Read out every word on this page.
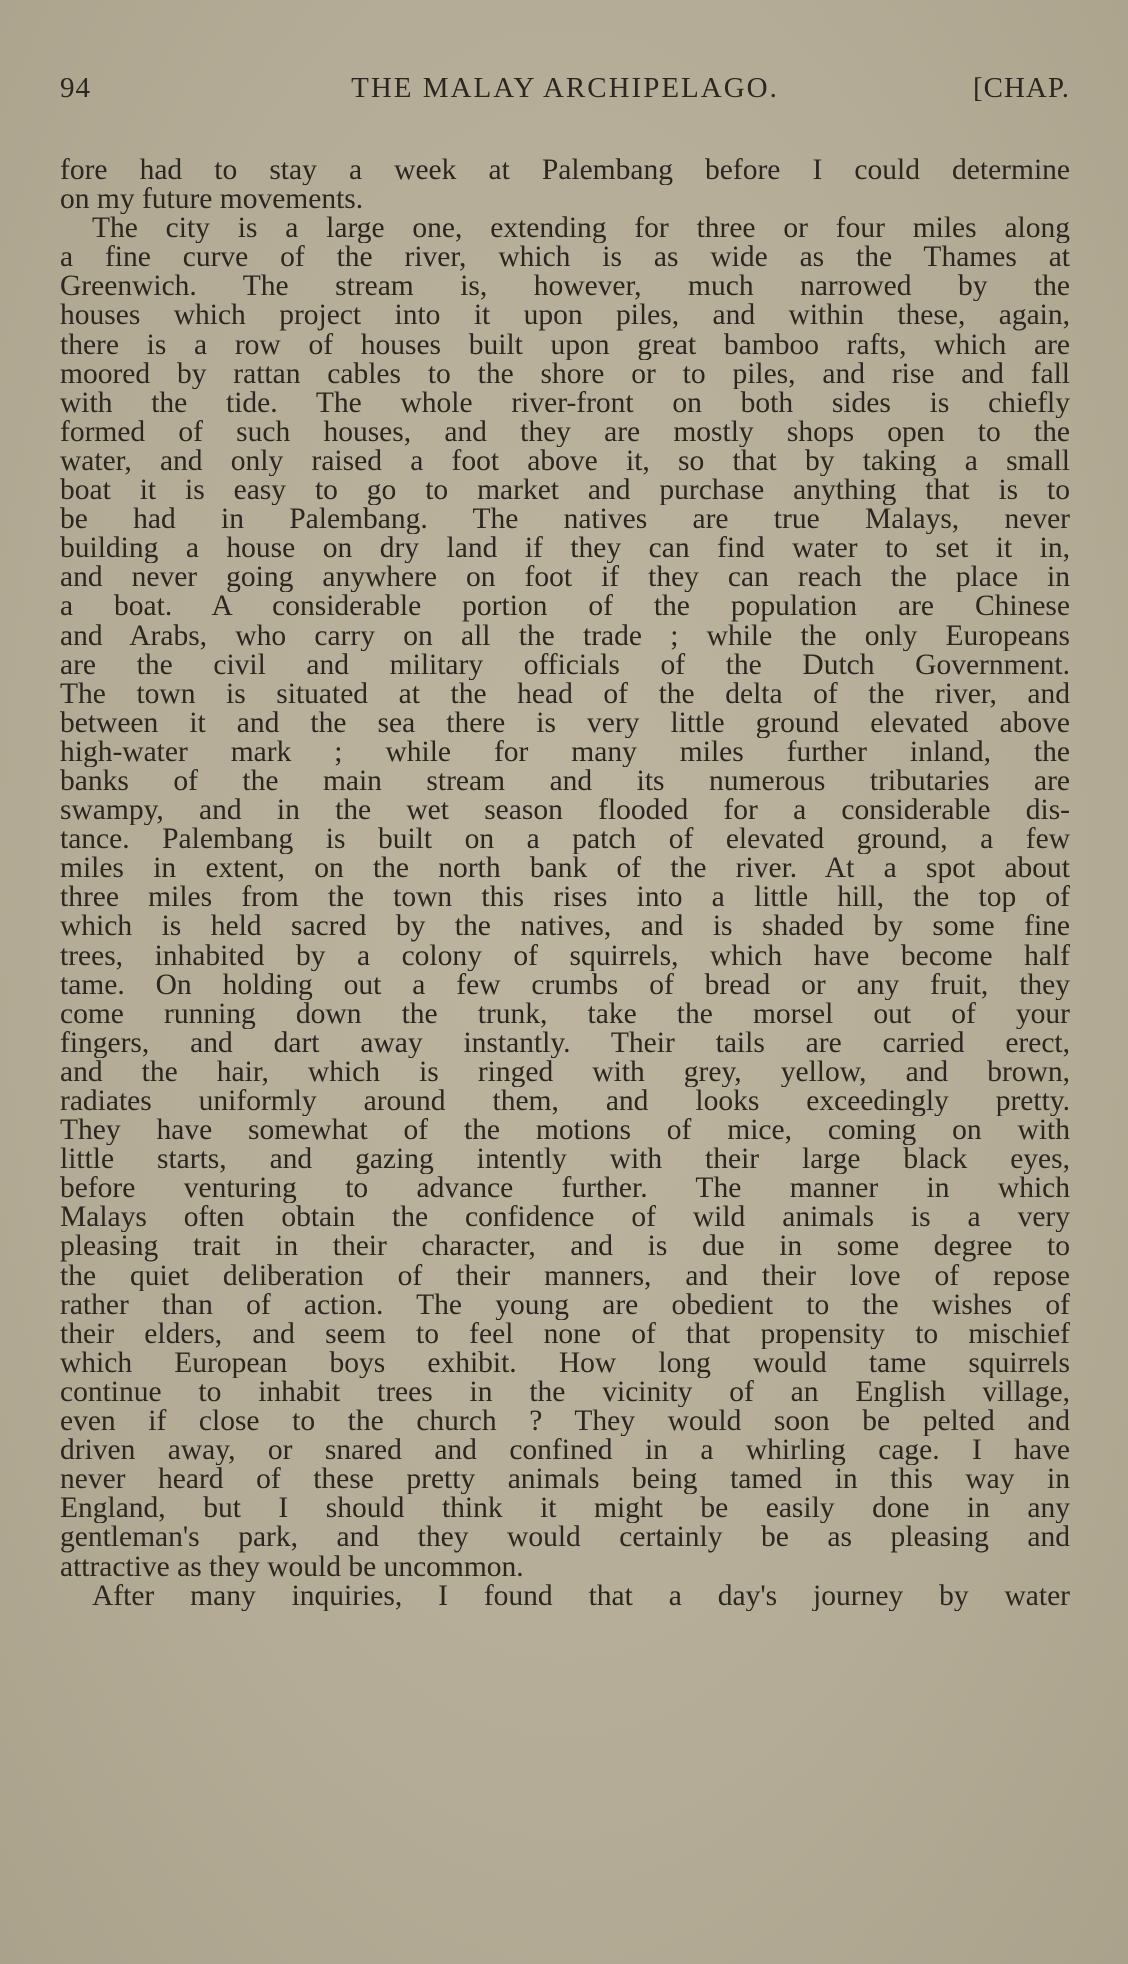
94	THE MALAY ARCHIPELAGO.	[CHAP.
fore had to stay a week at Palembang before I could determine
on my future movements.
The city is a large one, extending for three or four miles along
a fine curve of the river, which is as wide as the Thames at
Greenwich. The stream is, however, much narrowed by the
houses which project into it upon piles, and within these, again,
there is a row of houses built upon great bamboo rafts, which are
moored by rattan cables to the shore or to piles, and rise and fall
with the tide. The whole river-front on both sides is chiefly
formed of such houses, and they are mostly shops open to the
water, and only raised a foot above it, so that by taking a small
boat it is easy to go to market and purchase anything that is to
be had in Palembang. The natives are true Malays, never
building a house on dry land if they can find water to set it in,
and never going anywhere on foot if they can reach the place in
a boat. A considerable portion of the population are Chinese
and Arabs, who carry on all the trade ; while the only Europeans
are the civil and military officials of the Dutch Government.
The town is situated at the head of the delta of the river, and
between it and the sea there is very little ground elevated above
high-water mark ; while for many miles further inland, the
banks of the main stream and its numerous tributaries are
swampy, and in the wet season flooded for a considerable dis-
tance. Palembang is built on a patch of elevated ground, a few
miles in extent, on the north bank of the river. At a spot about
three miles from the town this rises into a little hill, the top of
which is held sacred by the natives, and is shaded by some fine
trees, inhabited by a colony of squirrels, which have become half
tame. On holding out a few crumbs of bread or any fruit, they
come running down the trunk, take the morsel out of your
fingers, and dart away instantly. Their tails are carried erect,
and the hair, which is ringed with grey, yellow, and brown,
radiates uniformly around them, and looks exceedingly pretty.
They have somewhat of the motions of mice, coming on with
little starts, and gazing intently with their large black eyes,
before venturing to advance further. The manner in which
Malays often obtain the confidence of wild animals is a very
pleasing trait in their character, and is due in some degree to
the quiet deliberation of their manners, and their love of repose
rather than of action. The young are obedient to the wishes of
their elders, and seem to feel none of that propensity to mischief
which European boys exhibit. How long would tame squirrels
continue to inhabit trees in the vicinity of an English village,
even if close to the church ? They would soon be pelted and
driven away, or snared and confined in a whirling cage. I have
never heard of these pretty animals being tamed in this way in
England, but I should think it might be easily done in any
gentleman's park, and they would certainly be as pleasing and
attractive as they would be uncommon.
After many inquiries, I found that a day's journey by water
